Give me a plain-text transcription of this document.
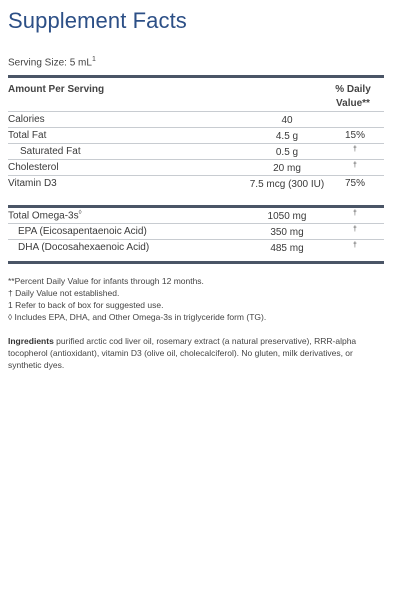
Supplement Facts
Serving Size: 5 $mL^1$
Amount Per Serving	% Daily Value**
Calories	40
Total Fat	4.5 g	15%
Saturated Fat	0.5 g	†
Cholesterol	20 mg	†
Vitamin D3	7.5 mcg (300 IU)	75%
Total Omega-3s◊	1050 mg	†
EPA (Eicosapentaenoic Acid)	350 mg	†
DHA (Docosahexaenoic Acid)	485 mg	†
**Percent Daily Value for infants through 12 months.
† Daily Value not established.
1 Refer to back of box for suggested use.
◊ Includes EPA, DHA, and Other Omega-3s in triglyceride form (TG).
Ingredients purified arctic cod liver oil, rosemary extract (a natural preservative), RRR-alpha tocopherol (antioxidant), vitamin D3 (olive oil, cholecalciferol). No gluten, milk derivatives, or synthetic dyes.
